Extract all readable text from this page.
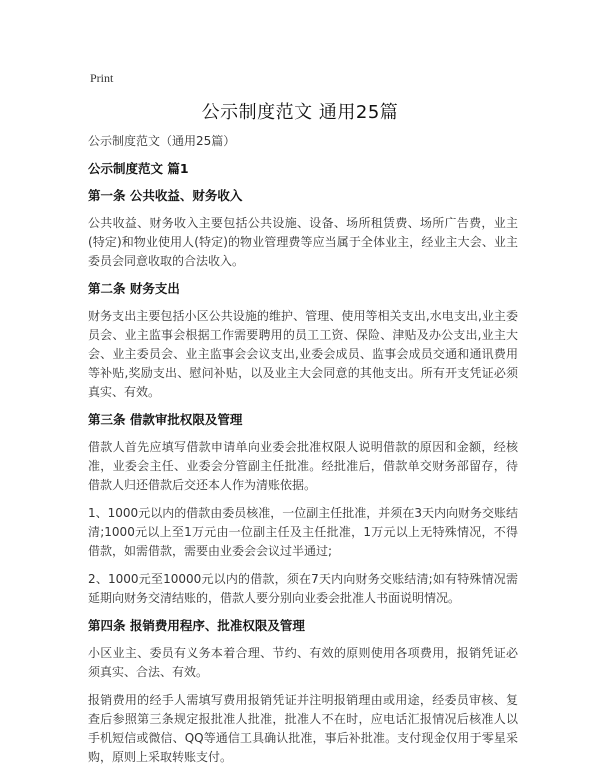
Print
公示制度范文 通用25篇

公示制度范文（通用25篇）

公示制度范文 篇1

第一条 公共收益、财务收入

公共收益、财务收入主要包括公共设施、设备、场所租赁费、场所广告费，业主(特定)和物业使用人(特定)的物业管理费等应当属于全体业主，经业主大会、业主委员会同意收取的合法收入。

第二条 财务支出

财务支出主要包括小区公共设施的维护、管理、使用等相关支出,水电支出,业主委员会、业主监事会根据工作需要聘用的员工工资、保险、津贴及办公支出,业主大会、业主委员会、业主监事会会议支出,业委会成员、监事会成员交通和通讯费用等补贴,奖励支出、慰问补贴，以及业主大会同意的其他支出。所有开支凭证必须真实、有效。

第三条 借款审批权限及管理

借款人首先应填写借款申请单向业委会批准权限人说明借款的原因和金额，经核准，业委会主任、业委会分管副主任批准。经批准后，借款单交财务部留存，待借款人归还借款后交还本人作为清账依据。

1、1000元以内的借款由委员核准，一位副主任批准，并须在3天内向财务交账结清;1000元以上至1万元由一位副主任及主任批准，1万元以上无特殊情况，不得借款，如需借款，需要由业委会会议过半通过;

2、1000元至10000元以内的借款，须在7天内向财务交账结清;如有特殊情况需延期向财务交清结账的，借款人要分别向业委会批准人书面说明情况。

第四条 报销费用程序、批准权限及管理

小区业主、委员有义务本着合理、节约、有效的原则使用各项费用，报销凭证必须真实、合法、有效。

报销费用的经手人需填写费用报销凭证并注明报销理由或用途，经委员审核、复查后参照第三条规定报批准人批准，批准人不在时，应电话汇报情况后核准人以手机短信或微信、QQ等通信工具确认批准，事后补批准。支付现金仅用于零星采购，原则上采取转账支付。
